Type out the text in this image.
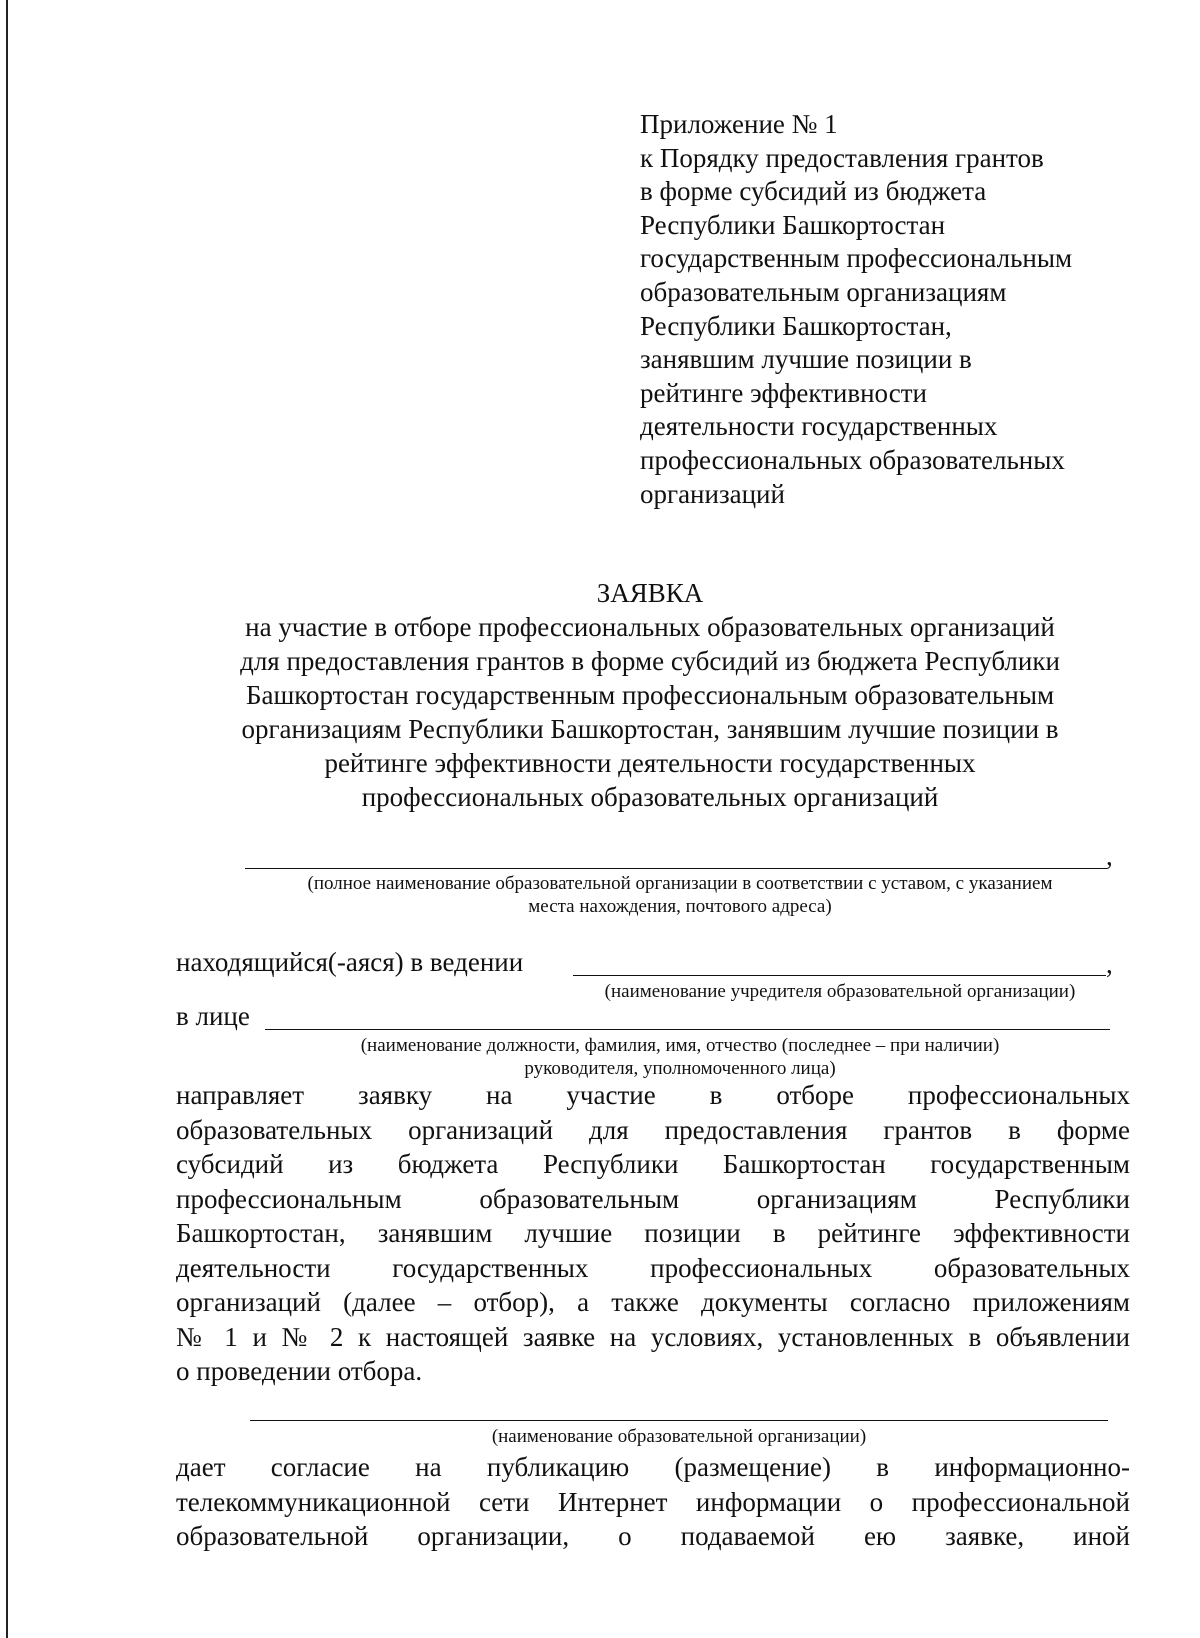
Приложение № 1
к Порядку предоставления грантов
в форме субсидий из бюджета
Республики Башкортостан
государственным профессиональным
образовательным организациям
Республики Башкортостан,
занявшим лучшие позиции в
рейтинге эффективности
деятельности государственных
профессиональных образовательных
организаций
ЗАЯВКА
на участие в отборе профессиональных образовательных организаций
для предоставления грантов в форме субсидий из бюджета Республики
Башкортостан государственным профессиональным образовательным
организациям Республики Башкортостан, занявшим лучшие позиции в
рейтинге эффективности деятельности государственных
профессиональных образовательных организаций
,
(полное наименование образовательной организации в соответствии с уставом, с указанием
места нахождения, почтового адреса)
находящийся(-аяся) в ведении	,
(наименование учредителя образовательной организации)
в лице
(наименование должности, фамилия, имя, отчество (последнее – при наличии)
руководителя, уполномоченного лица)
направляет заявку на участие в отборе профессиональных
образовательных организаций для предоставления грантов в форме
субсидий из бюджета Республики Башкортостан государственным
профессиональным образовательным организациям Республики
Башкортостан, занявшим лучшие позиции в рейтинге эффективности
деятельности государственных профессиональных образовательных
организаций (далее – отбор), а также документы согласно приложениям
№ 1 и № 2 к настоящей заявке на условиях, установленных в объявлении
о проведении отбора.
(наименование образовательной организации)
дает согласие на публикацию (размещение) в информационно-
телекоммуникационной сети Интернет информации о профессиональной
образовательной организации, о подаваемой ею заявке, иной
